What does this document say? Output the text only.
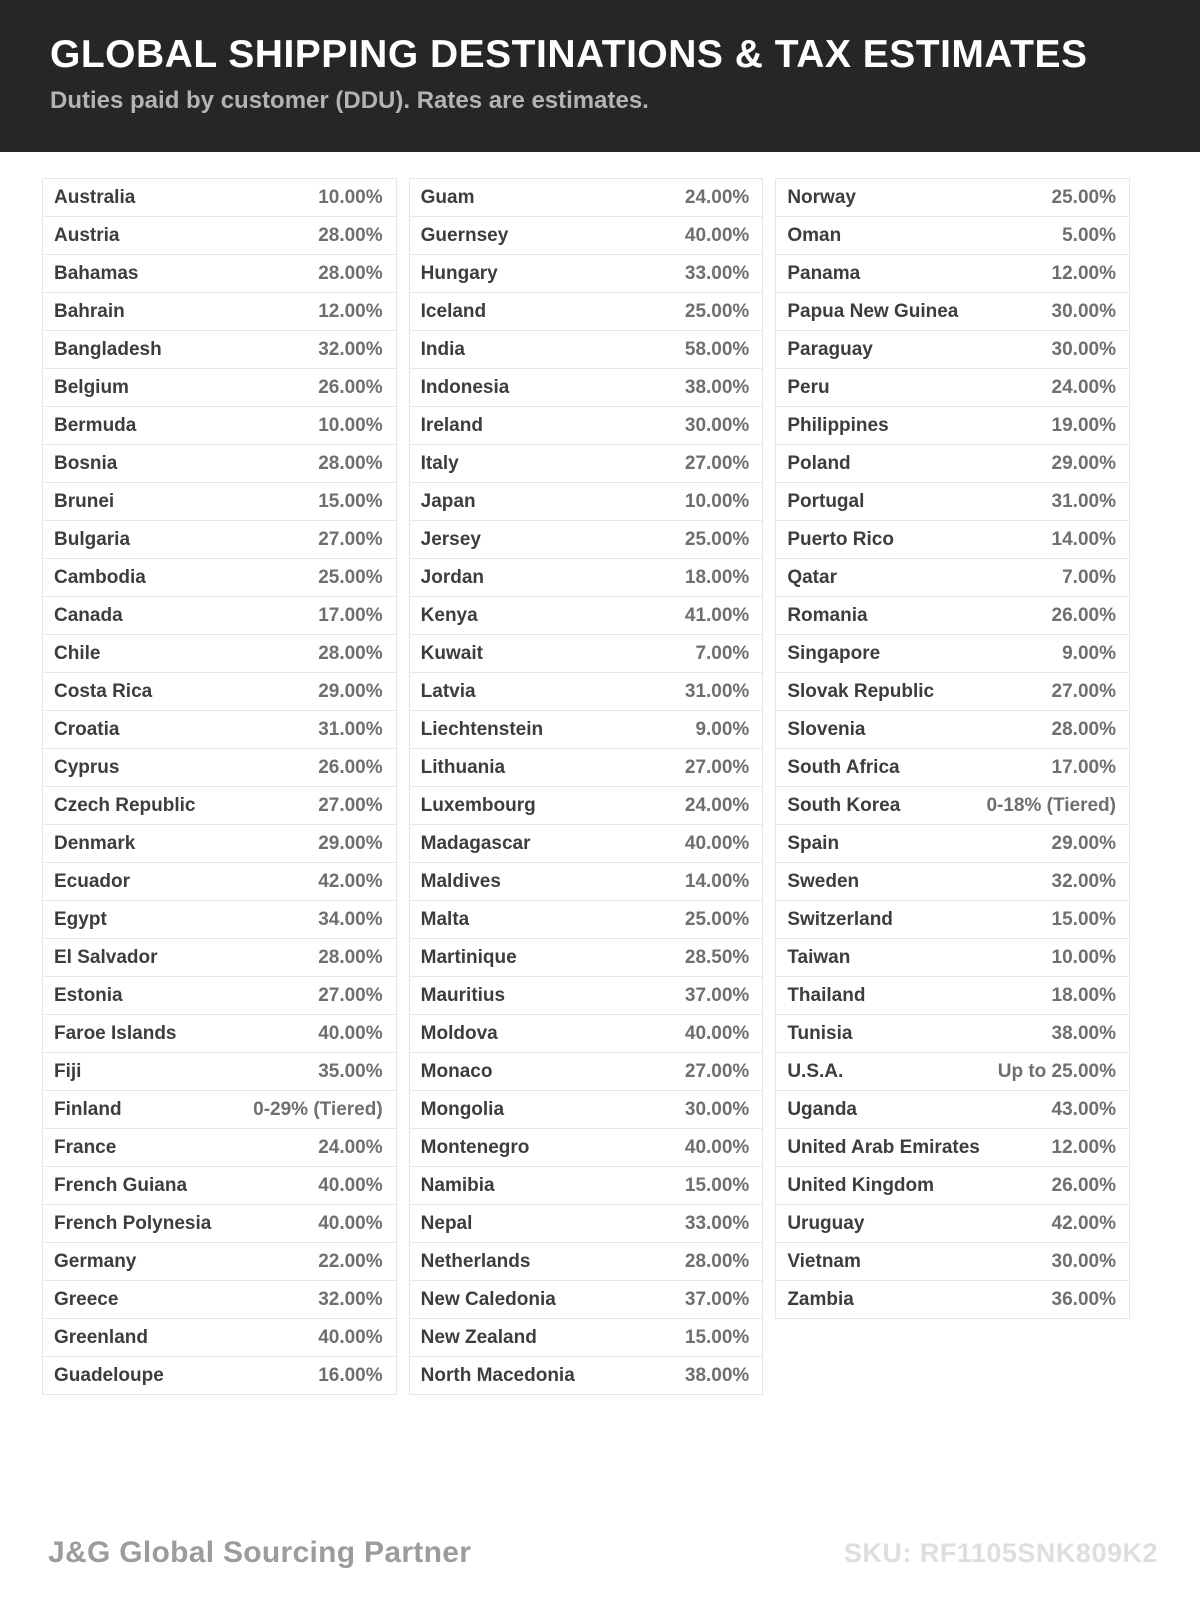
GLOBAL SHIPPING DESTINATIONS & TAX ESTIMATES
Duties paid by customer (DDU). Rates are estimates.
Australia	10.00%
Austria	28.00%
Bahamas	28.00%
Bahrain	12.00%
Bangladesh	32.00%
Belgium	26.00%
Bermuda	10.00%
Bosnia	28.00%
Brunei	15.00%
Bulgaria	27.00%
Cambodia	25.00%
Canada	17.00%
Chile	28.00%
Costa Rica	29.00%
Croatia	31.00%
Cyprus	26.00%
Czech Republic	27.00%
Denmark	29.00%
Ecuador	42.00%
Egypt	34.00%
El Salvador	28.00%
Estonia	27.00%
Faroe Islands	40.00%
Fiji	35.00%
Finland	0-29% (Tiered)
France	24.00%
French Guiana	40.00%
French Polynesia	40.00%
Germany	22.00%
Greece	32.00%
Greenland	40.00%
Guadeloupe	16.00%
Guam	24.00%
Guernsey	40.00%
Hungary	33.00%
Iceland	25.00%
India	58.00%
Indonesia	38.00%
Ireland	30.00%
Italy	27.00%
Japan	10.00%
Jersey	25.00%
Jordan	18.00%
Kenya	41.00%
Kuwait	7.00%
Latvia	31.00%
Liechtenstein	9.00%
Lithuania	27.00%
Luxembourg	24.00%
Madagascar	40.00%
Maldives	14.00%
Malta	25.00%
Martinique	28.50%
Mauritius	37.00%
Moldova	40.00%
Monaco	27.00%
Mongolia	30.00%
Montenegro	40.00%
Namibia	15.00%
Nepal	33.00%
Netherlands	28.00%
New Caledonia	37.00%
New Zealand	15.00%
North Macedonia	38.00%
Norway	25.00%
Oman	5.00%
Panama	12.00%
Papua New Guinea	30.00%
Paraguay	30.00%
Peru	24.00%
Philippines	19.00%
Poland	29.00%
Portugal	31.00%
Puerto Rico	14.00%
Qatar	7.00%
Romania	26.00%
Singapore	9.00%
Slovak Republic	27.00%
Slovenia	28.00%
South Africa	17.00%
South Korea	0-18% (Tiered)
Spain	29.00%
Sweden	32.00%
Switzerland	15.00%
Taiwan	10.00%
Thailand	18.00%
Tunisia	38.00%
U.S.A.	Up to 25.00%
Uganda	43.00%
United Arab Emirates	12.00%
United Kingdom	26.00%
Uruguay	42.00%
Vietnam	30.00%
Zambia	36.00%
J&G Global Sourcing Partner	SKU: RF1105SNK809K2
